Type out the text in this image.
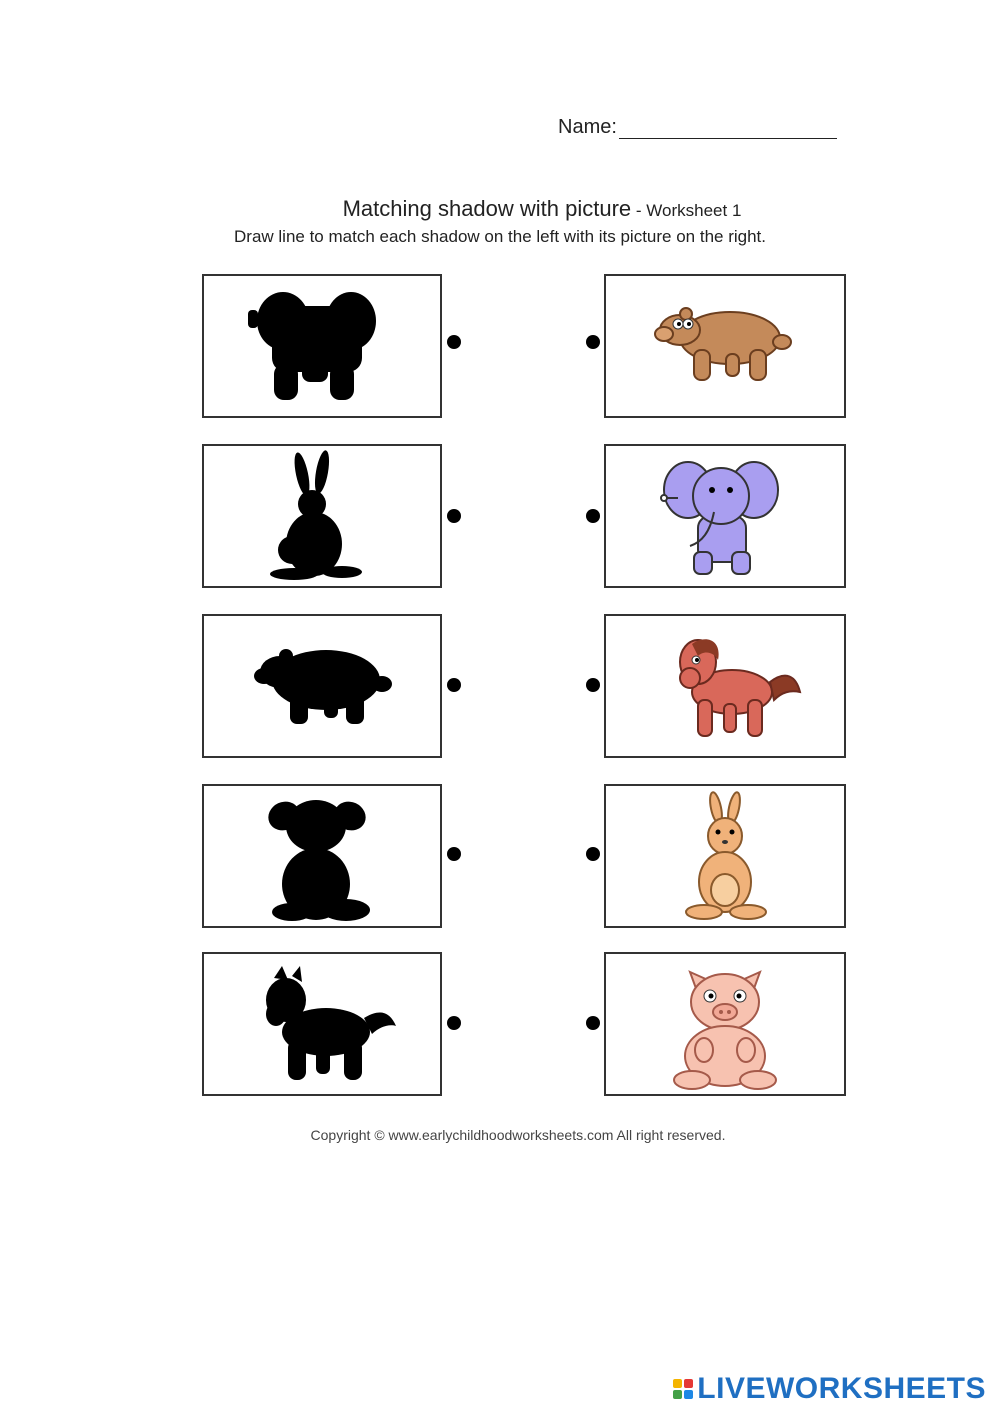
Name:
Matching shadow with picture - Worksheet 1
Draw line to match each shadow on the left with its picture on the right.
Copyright © www.earlychildhoodworksheets.com All right reserved.
LIVEWORKSHEETS
